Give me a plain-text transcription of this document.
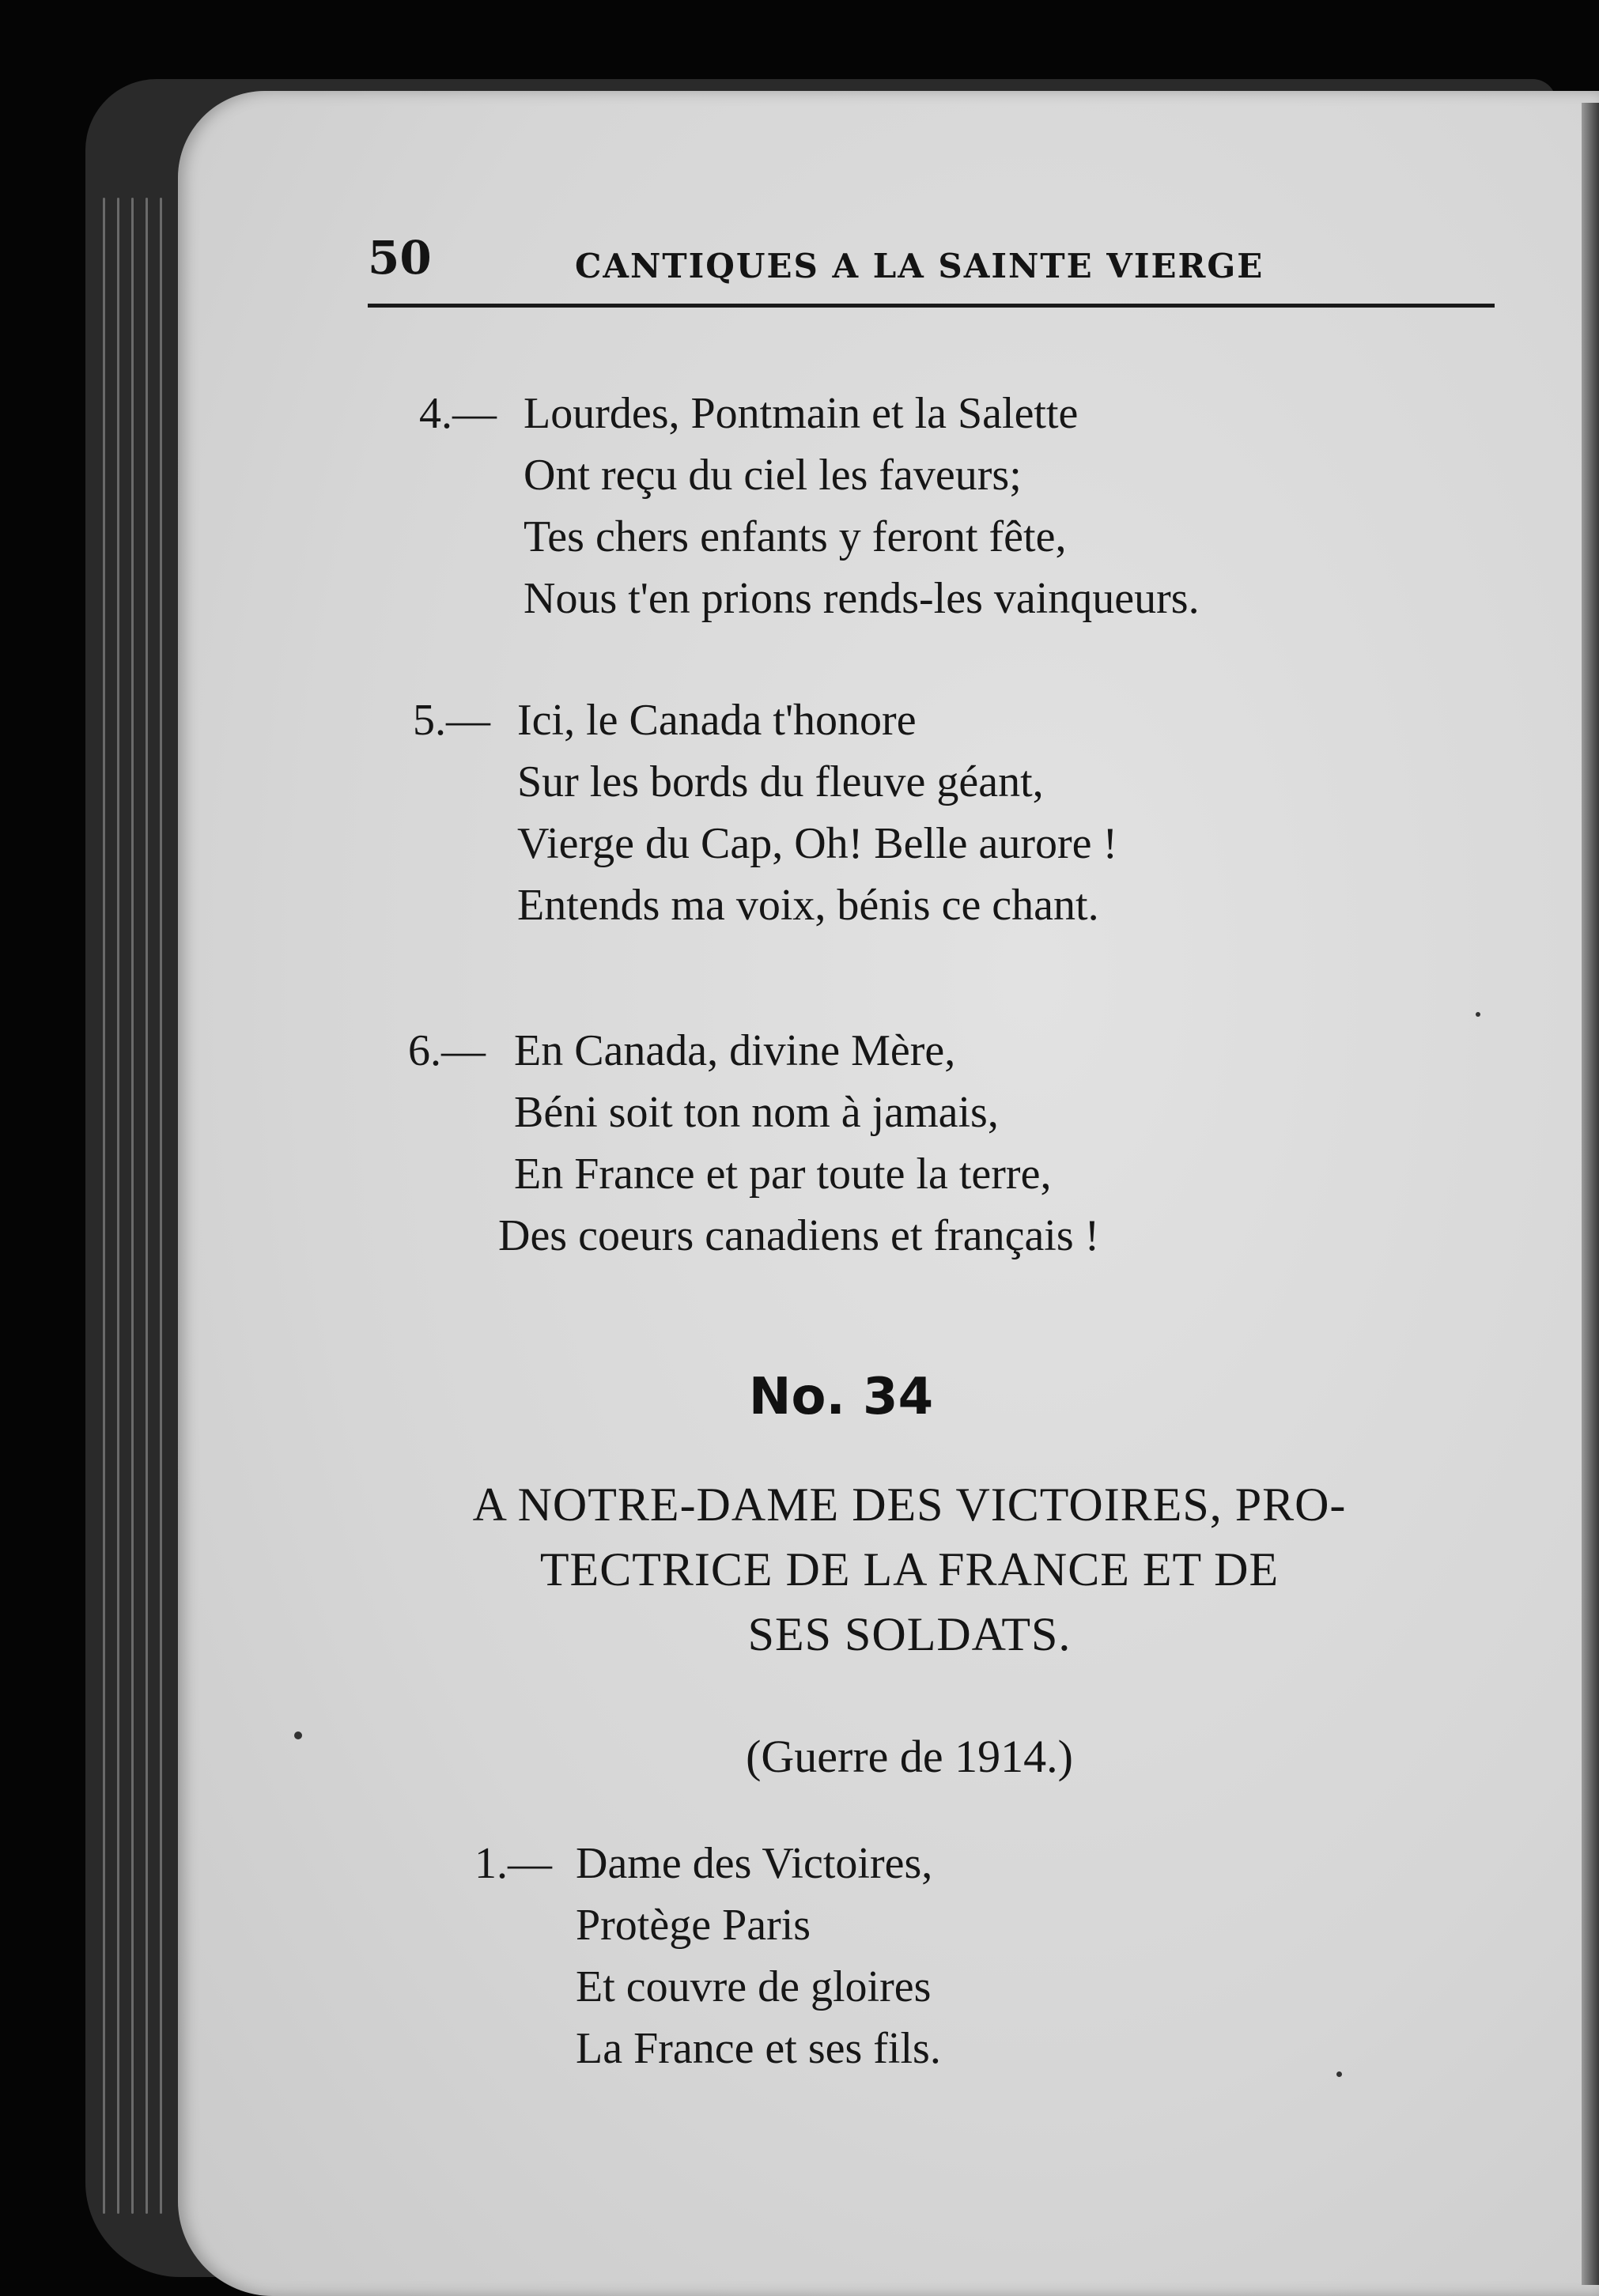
50	CANTIQUES A LA SAINTE VIERGE
4.— Lourdes, Pontmain et la Salette
Ont reçu du ciel les faveurs;
Tes chers enfants y feront fête,
Nous t'en prions rends-les vainqueurs.
5.— Ici, le Canada t'honore
Sur les bords du fleuve géant,
Vierge du Cap, Oh! Belle aurore !
Entends ma voix, bénis ce chant.
6.— En Canada, divine Mère,
Béni soit ton nom à jamais,
En France et par toute la terre,
Des coeurs canadiens et français !
No. 34
A NOTRE-DAME DES VICTOIRES, PRO-
TECTRICE DE LA FRANCE ET DE
SES SOLDATS.
(Guerre de 1914.)
1.— Dame des Victoires,
Protège Paris
Et couvre de gloires
La France et ses fils.
